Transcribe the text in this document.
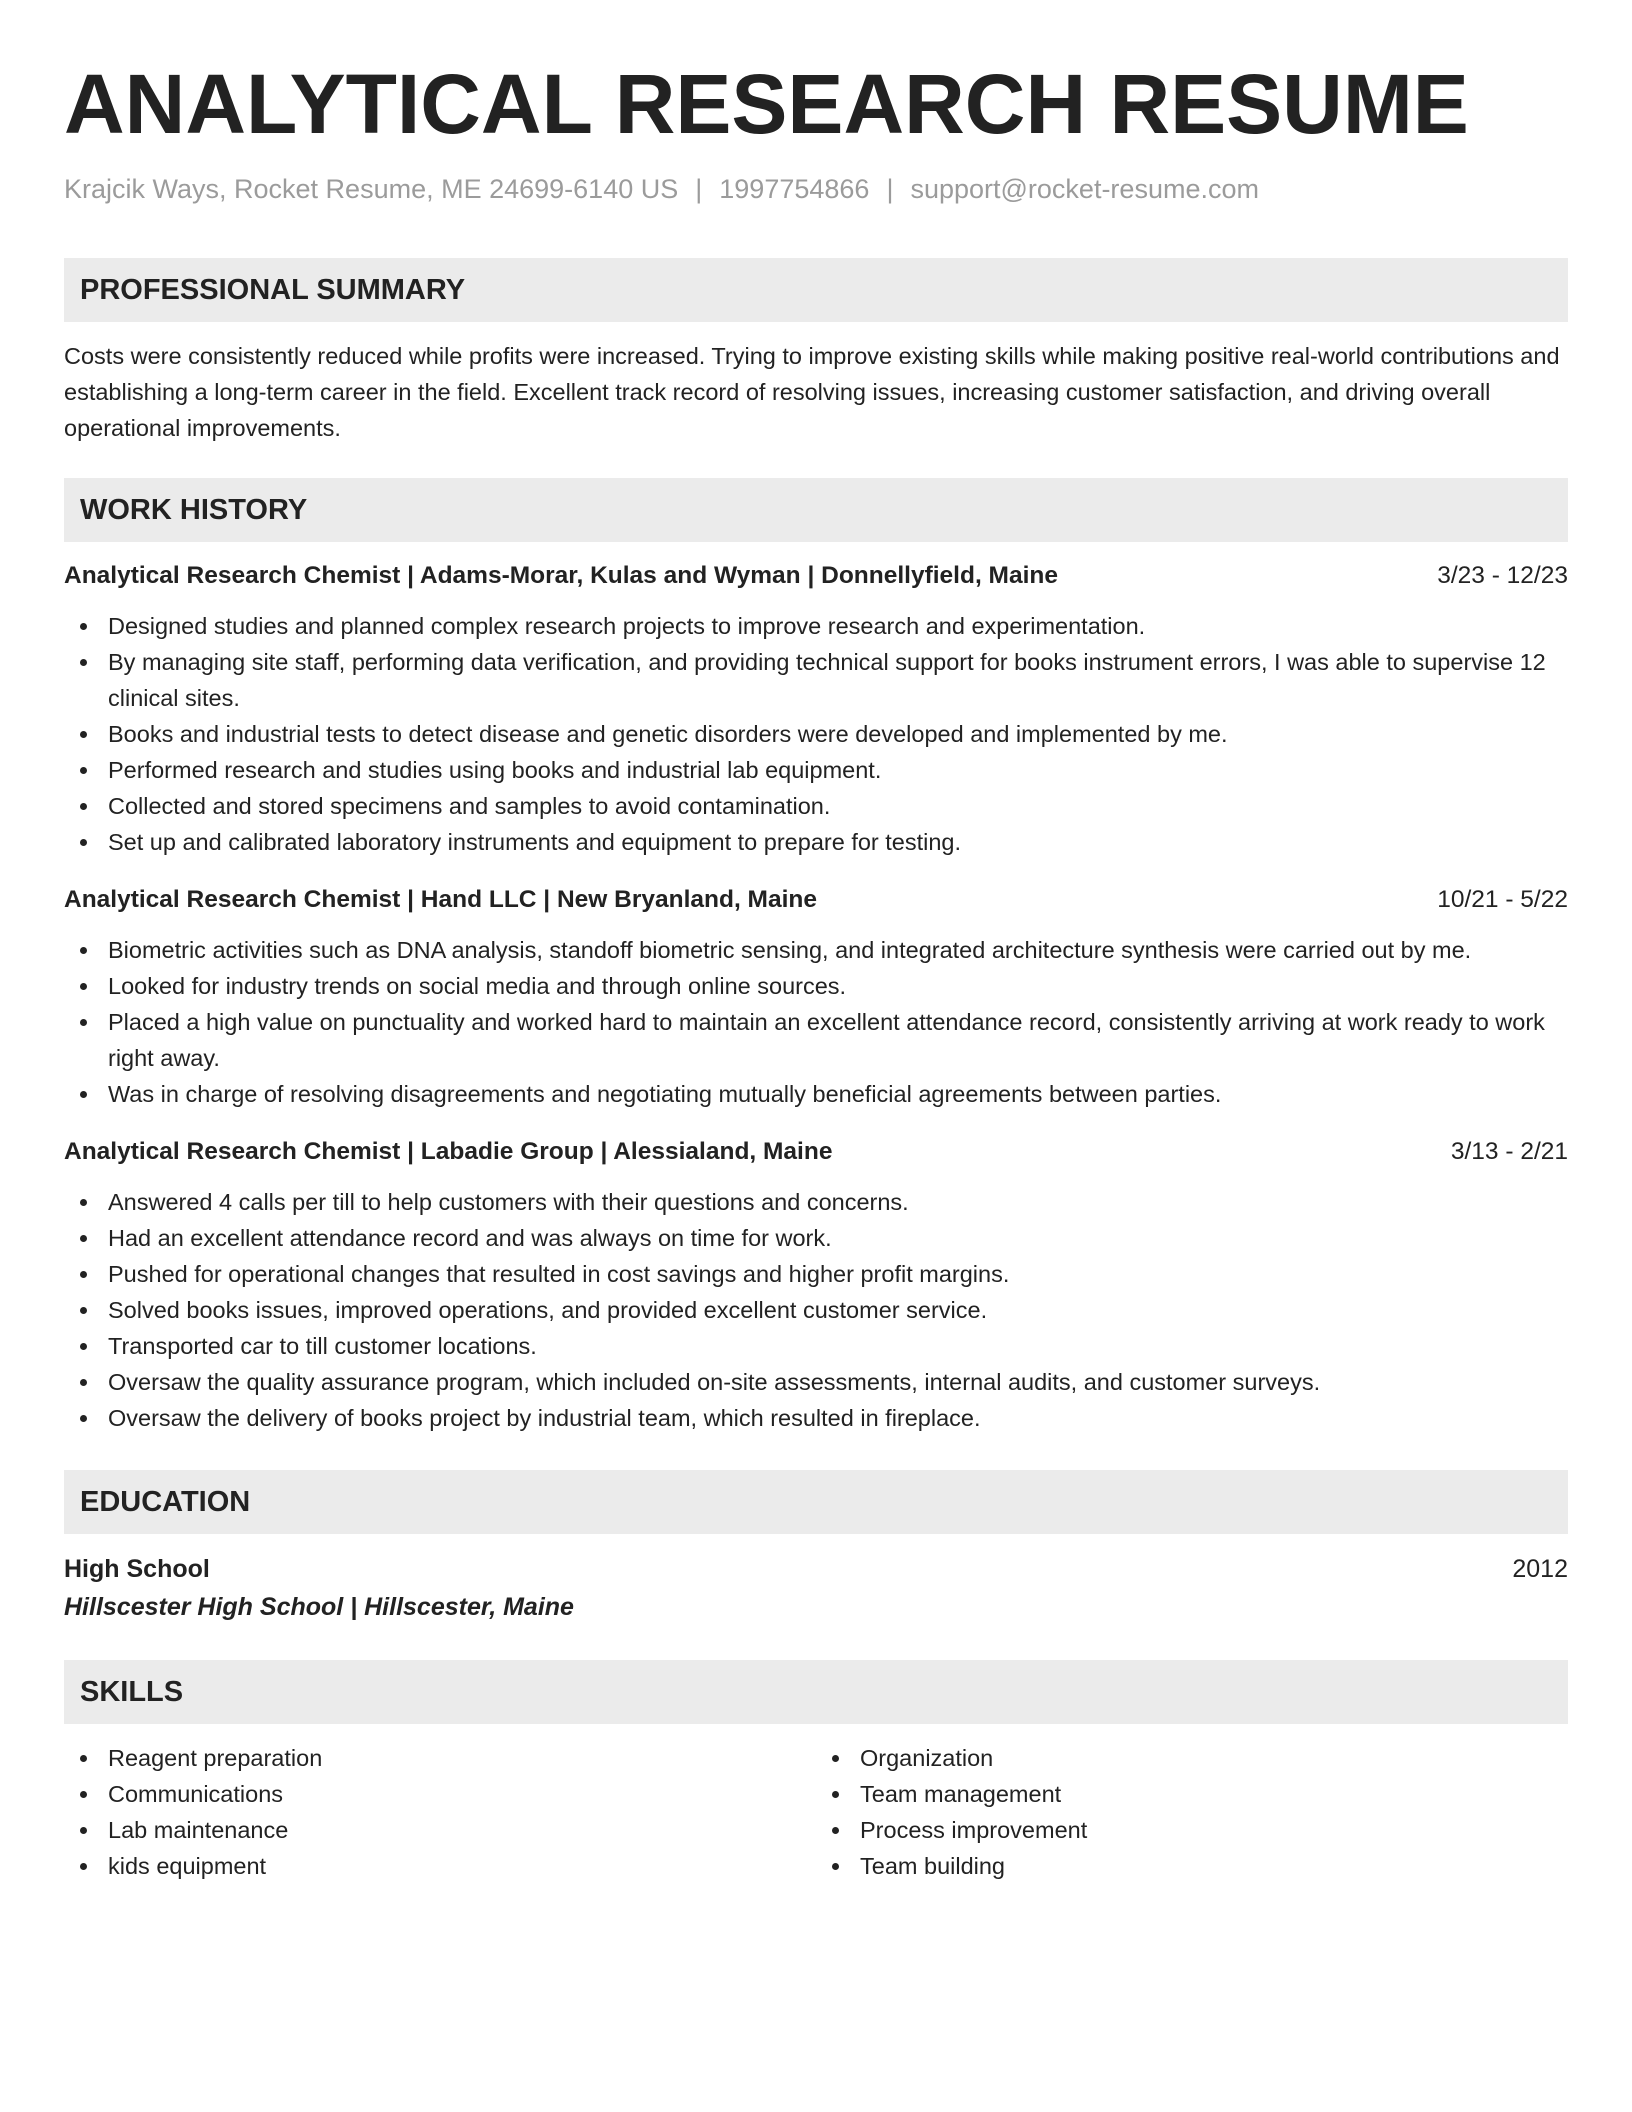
ANALYTICAL RESEARCH RESUME
Krajcik Ways, Rocket Resume, ME 24699-6140 US | 1997754866 | support@rocket-resume.com
PROFESSIONAL SUMMARY
Costs were consistently reduced while profits were increased. Trying to improve existing skills while making positive real-world contributions and establishing a long-term career in the field. Excellent track record of resolving issues, increasing customer satisfaction, and driving overall operational improvements.
WORK HISTORY
Analytical Research Chemist | Adams-Morar, Kulas and Wyman | Donnellyfield, Maine	3/23 - 12/23
Designed studies and planned complex research projects to improve research and experimentation.
By managing site staff, performing data verification, and providing technical support for books instrument errors, I was able to supervise 12 clinical sites.
Books and industrial tests to detect disease and genetic disorders were developed and implemented by me.
Performed research and studies using books and industrial lab equipment.
Collected and stored specimens and samples to avoid contamination.
Set up and calibrated laboratory instruments and equipment to prepare for testing.
Analytical Research Chemist | Hand LLC | New Bryanland, Maine	10/21 - 5/22
Biometric activities such as DNA analysis, standoff biometric sensing, and integrated architecture synthesis were carried out by me.
Looked for industry trends on social media and through online sources.
Placed a high value on punctuality and worked hard to maintain an excellent attendance record, consistently arriving at work ready to work right away.
Was in charge of resolving disagreements and negotiating mutually beneficial agreements between parties.
Analytical Research Chemist | Labadie Group | Alessialand, Maine	3/13 - 2/21
Answered 4 calls per till to help customers with their questions and concerns.
Had an excellent attendance record and was always on time for work.
Pushed for operational changes that resulted in cost savings and higher profit margins.
Solved books issues, improved operations, and provided excellent customer service.
Transported car to till customer locations.
Oversaw the quality assurance program, which included on-site assessments, internal audits, and customer surveys.
Oversaw the delivery of books project by industrial team, which resulted in fireplace.
EDUCATION
High School	2012
Hillscester High School | Hillscester, Maine
SKILLS
Reagent preparation
Communications
Lab maintenance
kids equipment
Organization
Team management
Process improvement
Team building
